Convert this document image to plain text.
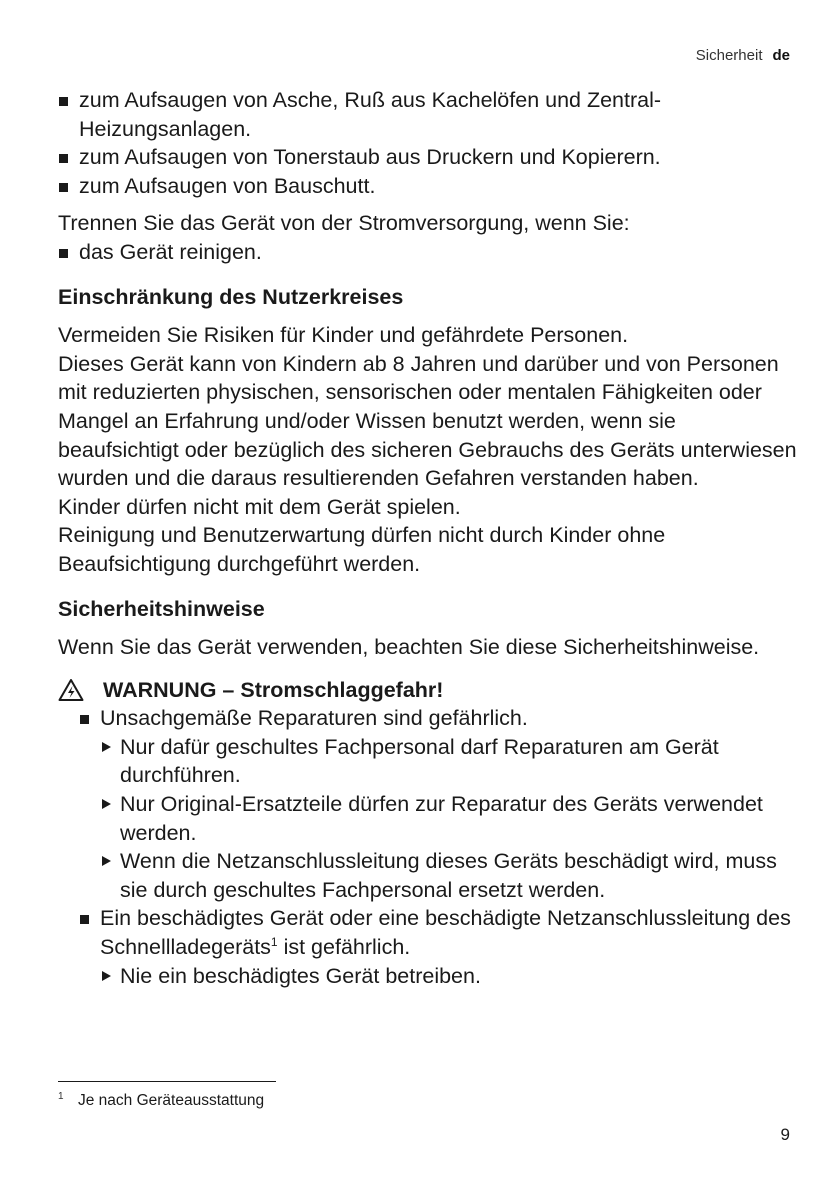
Sicherheit de
zum Aufsaugen von Asche, Ruß aus Kachelöfen und Zentral-Heizungsanlagen.
zum Aufsaugen von Tonerstaub aus Druckern und Kopierern.
zum Aufsaugen von Bauschutt.

Trennen Sie das Gerät von der Stromversorgung, wenn Sie:

das Gerät reinigen.
Einschränkung des Nutzerkreises

Vermeiden Sie Risiken für Kinder und gefährdete Personen.

Dieses Gerät kann von Kindern ab 8 Jahren und darüber und von Personen mit reduzierten physischen, sensorischen oder mentalen Fähigkeiten oder Mangel an Erfahrung und/oder Wissen benutzt werden, wenn sie beaufsichtigt oder bezüglich des sicheren Gebrauchs des Geräts unterwiesen wurden und die daraus resultierenden Gefahren verstanden haben.

Kinder dürfen nicht mit dem Gerät spielen.

Reinigung und Benutzerwartung dürfen nicht durch Kinder ohne Beaufsichtigung durchgeführt werden.

Sicherheitshinweise

Wenn Sie das Gerät verwenden, beachten Sie diese Sicherheitshinweise.

WARNUNG – Stromschlaggefahr!
Unsachgemäße Reparaturen sind gefährlich.
Nur dafür geschultes Fachpersonal darf Reparaturen am Gerät durchführen.
Nur Original-Ersatzteile dürfen zur Reparatur des Geräts verwendet werden.
Wenn die Netzanschlussleitung dieses Geräts beschädigt wird, muss sie durch geschultes Fachpersonal ersetzt werden.
Ein beschädigtes Gerät oder eine beschädigte Netzanschlussleitung des Schnellladegeräts$^1$ ist gefährlich.
Nie ein beschädigtes Gerät betreiben.
1 Je nach Geräteausstattung
9
